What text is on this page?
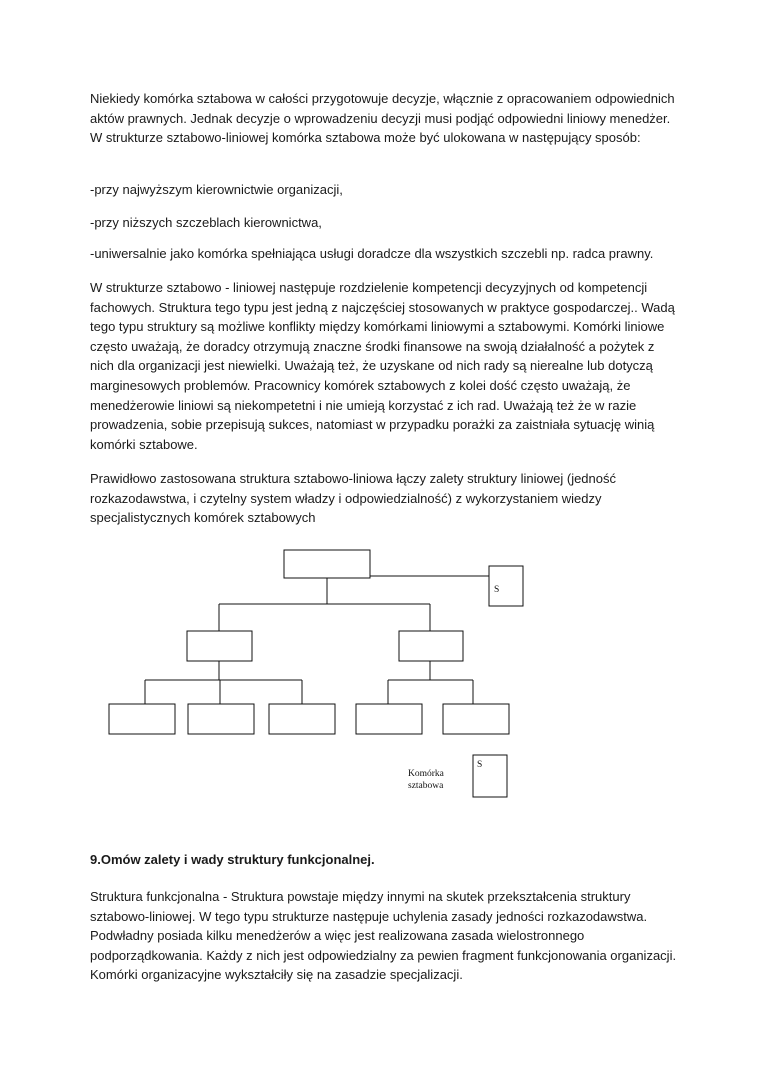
Niekiedy komórka sztabowa w całości przygotowuje decyzje, włącznie z opracowaniem odpowiednich aktów prawnych. Jednak decyzje o wprowadzeniu decyzji musi podjąć odpowiedni liniowy menedżer. W strukturze sztabowo-liniowej komórka sztabowa może być ulokowana w następujący sposób:

-przy najwyższym kierownictwie organizacji,

-przy niższych szczeblach kierownictwa,

-uniwersalnie jako komórka spełniająca usługi doradcze dla wszystkich szczebli np. radca prawny.

W strukturze sztabowo - liniowej następuje rozdzielenie kompetencji decyzyjnych od kompetencji fachowych. Struktura tego typu jest jedną z najczęściej stosowanych w praktyce gospodarczej.. Wadą tego typu struktury są możliwe konflikty między komórkami liniowymi a sztabowymi. Komórki liniowe często uważają, że doradcy otrzymują znaczne środki finansowe na swoją działalność a pożytek z nich dla organizacji jest niewielki. Uważają też, że uzyskane od nich rady są nierealne lub dotyczą marginesowych problemów. Pracownicy komórek sztabowych z kolei dość często uważają, że menedżerowie liniowi są niekompetetni i nie umieją korzystać z ich rad. Uważają też że w razie prowadzenia, sobie przepisują sukces, natomiast w przypadku porażki za zaistniała sytuację winią komórki sztabowe.

Prawidłowo zastosowana struktura sztabowo-liniowa łączy zalety struktury liniowej (jedność rozkazodawstwa, i czytelny system władzy i odpowiedzialność) z wykorzystaniem wiedzy specjalistycznych komórek sztabowych

S
S
Komórka
sztabowa

9.Omów zalety i wady struktury funkcjonalnej.

Struktura funkcjonalna - Struktura powstaje między innymi na skutek przekształcenia struktury sztabowo-liniowej. W tego typu strukturze następuje uchylenia zasady jedności rozkazodawstwa. Podwładny posiada kilku menedżerów a więc jest realizowana zasada wielostronnego podporządkowania. Każdy z nich jest odpowiedzialny za pewien fragment funkcjonowania organizacji. Komórki organizacyjne wykształciły się na zasadzie specjalizacji.
